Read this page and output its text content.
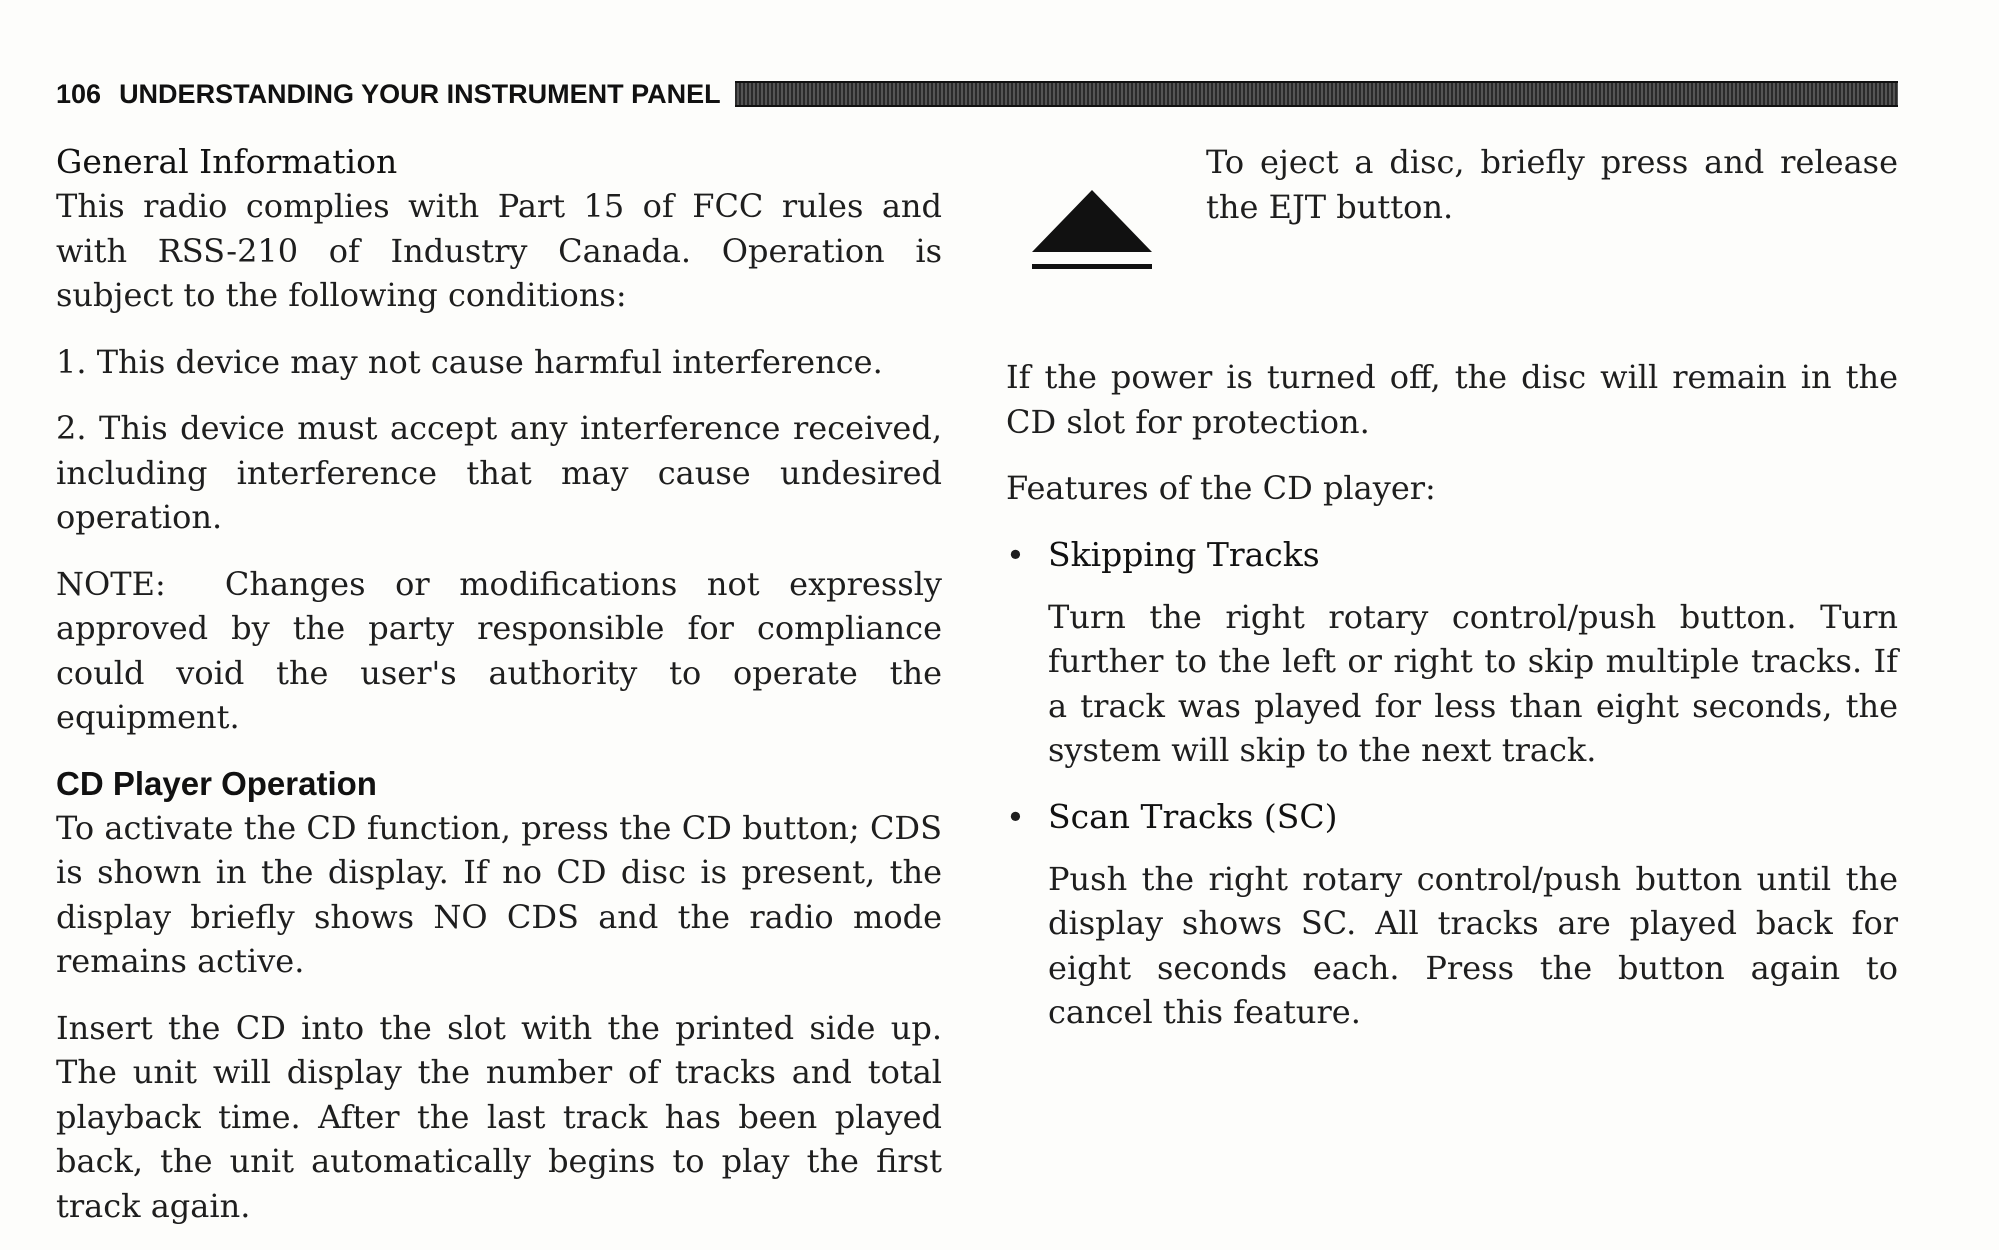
106 UNDERSTANDING YOUR INSTRUMENT PANEL
General Information

This radio complies with Part 15 of FCC rules and with RSS-210 of Industry Canada. Operation is subject to the following conditions:

1. This device may not cause harmful interference.

2. This device must accept any interference received, including interference that may cause undesired operation.

NOTE: Changes or modifications not expressly approved by the party responsible for compliance could void the user's authority to operate the equipment.

CD Player Operation

To activate the CD function, press the CD button; CDS is shown in the display. If no CD disc is present, the display briefly shows NO CDS and the radio mode remains active.

Insert the CD into the slot with the printed side up. The unit will display the number of tracks and total playback time. After the last track has been played back, the unit automatically begins to play the first track again.

To eject a disc, briefly press and release the EJT button.

If the power is turned off, the disc will remain in the CD slot for protection.

Features of the CD player:

• Skipping Tracks

Turn the right rotary control/push button. Turn further to the left or right to skip multiple tracks. If a track was played for less than eight seconds, the system will skip to the next track.

• Scan Tracks (SC)

Push the right rotary control/push button until the display shows SC. All tracks are played back for eight seconds each. Press the button again to cancel this feature.
